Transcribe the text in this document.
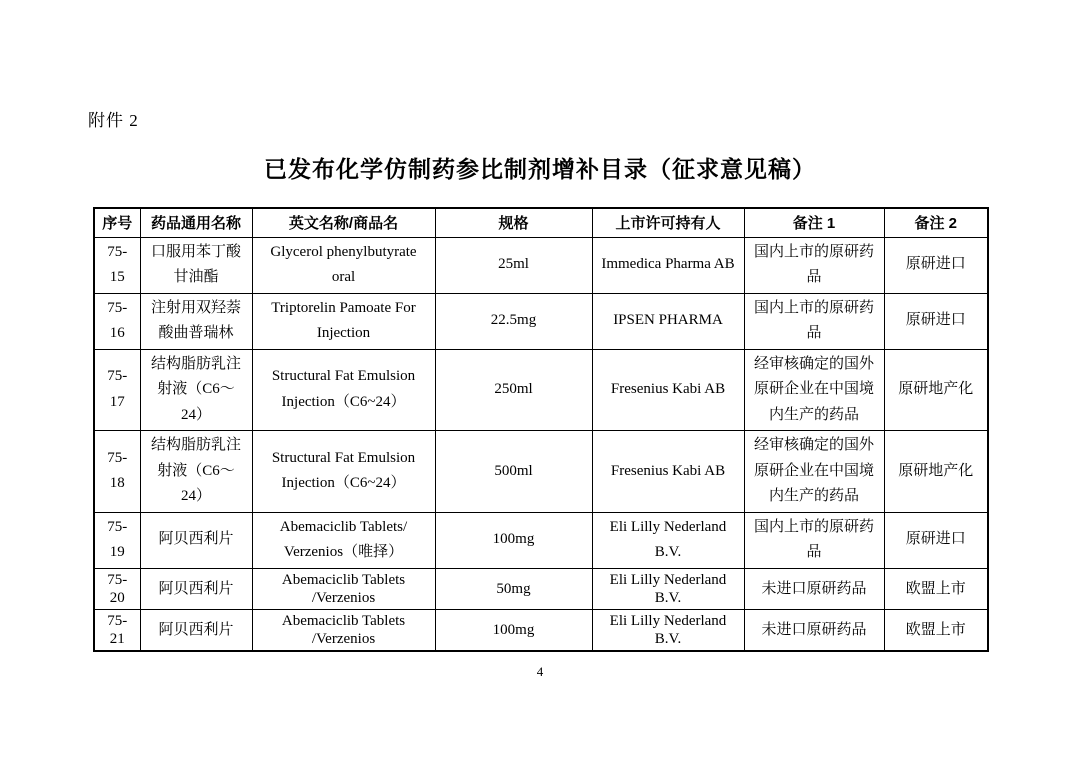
附件 2
已发布化学仿制药参比制剂增补目录（征求意见稿）
序号	药品通用名称	英文名称/商品名	规格	上市许可持有人	备注 1	备注 2
75-15	口服用苯丁酸甘油酯	Glycerol phenylbutyrate oral	25ml	Immedica Pharma AB	国内上市的原研药品	原研进口
75-16	注射用双羟萘酸曲普瑞林	Triptorelin Pamoate For Injection	22.5mg	IPSEN PHARMA	国内上市的原研药品	原研进口
75-17	结构脂肪乳注射液（C6～24）	Structural Fat Emulsion Injection（C6~24）	250ml	Fresenius Kabi AB	经审核确定的国外原研企业在中国境内生产的药品	原研地产化
75-18	结构脂肪乳注射液（C6～24）	Structural Fat Emulsion Injection（C6~24）	500ml	Fresenius Kabi AB	经审核确定的国外原研企业在中国境内生产的药品	原研地产化
75-19	阿贝西利片	Abemaciclib Tablets/ Verzenios（唯择）	100mg	Eli Lilly Nederland B.V.	国内上市的原研药品	原研进口
75-20	阿贝西利片	Abemaciclib Tablets /Verzenios	50mg	Eli Lilly Nederland B.V.	未进口原研药品	欧盟上市
75-21	阿贝西利片	Abemaciclib Tablets /Verzenios	100mg	Eli Lilly Nederland B.V.	未进口原研药品	欧盟上市
4
